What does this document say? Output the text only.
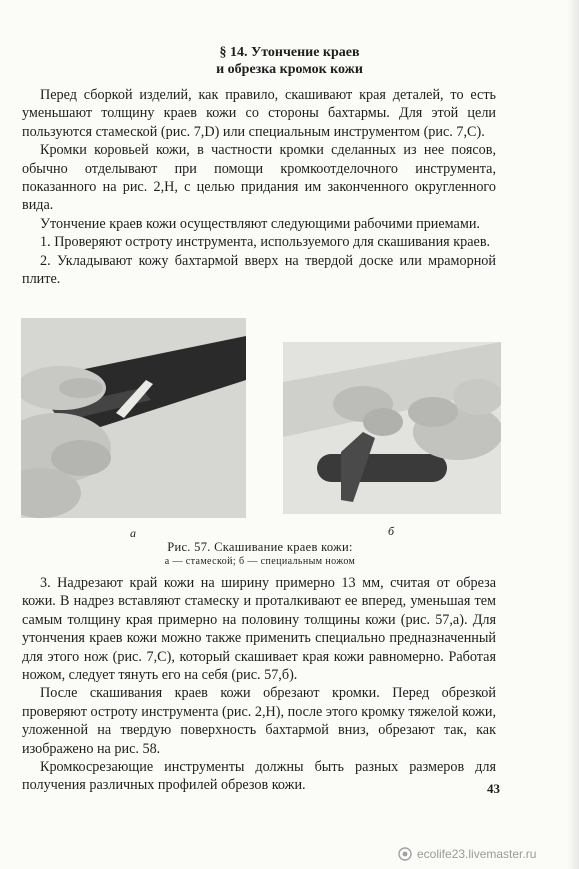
§ 14. Утончение краев
и обрезка кромок кожи

Перед сборкой изделий, как правило, скашивают края деталей, то есть уменьшают толщину краев кожи со стороны бахтармы. Для этой цели пользуются стамеской (рис. 7,D) или специальным инструментом (рис. 7,C).

Кромки коровьей кожи, в частности кромки сделанных из нее поясов, обычно отделывают при помощи кромкоотделочного инструмента, показанного на рис. 2,H, с целью придания им законченного округленного вида.

Утончение краев кожи осуществляют следующими рабочими приемами.

1. Проверяют остроту инструмента, используемого для скашивания краев.

2. Укладывают кожу бахтармой вверх на твердой доске или мраморной плите.

а	б
Рис. 57. Скашивание краев кожи:
а — стамеской; б — специальным ножом

3. Надрезают край кожи на ширину примерно 13 мм, считая от обреза кожи. В надрез вставляют стамеску и проталкивают ее вперед, уменьшая тем самым толщину края примерно на половину толщины кожи (рис. 57,а). Для утончения краев кожи можно также применить специально предназначенный для этого нож (рис. 7,C), который скашивает края кожи равномерно. Работая ножом, следует тянуть его на себя (рис. 57,б).

После скашивания краев кожи обрезают кромки. Перед обрезкой проверяют остроту инструмента (рис. 2,H), после этого кромку тяжелой кожи, уложенной на твердую поверхность бахтармой вниз, обрезают так, как изображено на рис. 58.

Кромкосрезающие инструменты должны быть разных размеров для получения различных профилей обрезов кожи.	43
ecolife23.livemaster.ru
